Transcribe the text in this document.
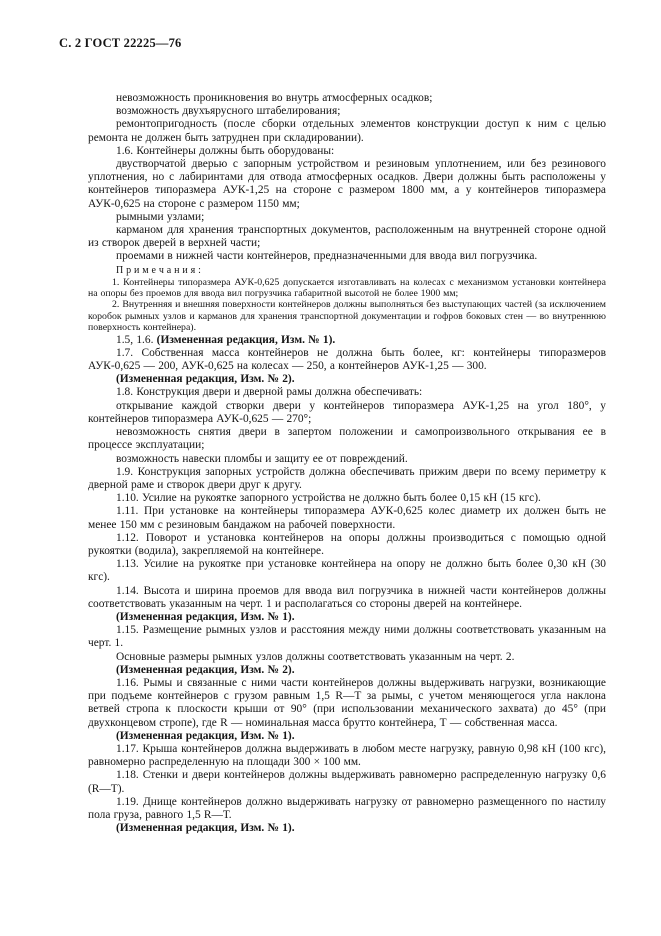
С. 2 ГОСТ 22225—76

невозможность проникновения во внутрь атмосферных осадков;

возможность двухъярусного штабелирования;

ремонтопригодность (после сборки отдельных элементов конструкции доступ к ним с целью ремонта не должен быть затруднен при складировании).

1.6. Контейнеры должны быть оборудованы:

двустворчатой дверью с запорным устройством и резиновым уплотнением, или без резинового уплотнения, но с лабиринтами для отвода атмосферных осадков. Двери должны быть расположены у контейнеров типоразмера АУК-1,25 на стороне с размером 1800 мм, а у контейнеров типоразмера АУК-0,625 на стороне с размером 1150 мм;

рымными узлами;

карманом для хранения транспортных документов, расположенным на внутренней стороне одной из створок дверей в верхней части;

проемами в нижней части контейнеров, предназначенными для ввода вил погрузчика.

П р и м е ч а н и я :

1. Контейнеры типоразмера АУК-0,625 допускается изготавливать на колесах с механизмом установки контейнера на опоры без проемов для ввода вил погрузчика габаритной высотой не более 1900 мм;

2. Внутренняя и внешняя поверхности контейнеров должны выполняться без выступающих частей (за исключением коробок рымных узлов и карманов для хранения транспортной документации и гофров боковых стен — во внутреннюю поверхность контейнера).

1.5, 1.6. (Измененная редакция, Изм. № 1).

1.7. Собственная масса контейнеров не должна быть более, кг: контейнеры типоразмеров АУК-0,625 — 200, АУК-0,625 на колесах — 250, а контейнеров АУК-1,25 — 300.

(Измененная редакция, Изм. № 2).

1.8. Конструкция двери и дверной рамы должна обеспечивать:

открывание каждой створки двери у контейнеров типоразмера АУК-1,25 на угол 180°, у контейнеров типоразмера АУК-0,625 — 270°;

невозможность снятия двери в запертом положении и самопроизвольного открывания ее в процессе эксплуатации;

возможность навески пломбы и защиту ее от повреждений.

1.9. Конструкция запорных устройств должна обеспечивать прижим двери по всему периметру к дверной раме и створок двери друг к другу.

1.10. Усилие на рукоятке запорного устройства не должно быть более 0,15 кН (15 кгс).

1.11. При установке на контейнеры типоразмера АУК-0,625 колес диаметр их должен быть не менее 150 мм с резиновым бандажом на рабочей поверхности.

1.12. Поворот и установка контейнеров на опоры должны производиться с помощью одной рукоятки (водила), закрепляемой на контейнере.

1.13. Усилие на рукоятке при установке контейнера на опору не должно быть более 0,30 кН (30 кгс).

1.14. Высота и ширина проемов для ввода вил погрузчика в нижней части контейнеров должны соответствовать указанным на черт. 1 и располагаться со стороны дверей на контейнере.

(Измененная редакция, Изм. № 1).

1.15. Размещение рымных узлов и расстояния между ними должны соответствовать указанным на черт. 1.

Основные размеры рымных узлов должны соответствовать указанным на черт. 2.

(Измененная редакция, Изм. № 2).

1.16. Рымы и связанные с ними части контейнеров должны выдерживать нагрузки, возникающие при подъеме контейнеров с грузом равным 1,5 R—T за рымы, с учетом меняющегося угла наклона ветвей стропа к плоскости крыши от 90° (при использовании механического захвата) до 45° (при двухконцевом стропе), где R — номинальная масса брутто контейнера, Т — собственная масса.

(Измененная редакция, Изм. № 1).

1.17. Крыша контейнеров должна выдерживать в любом месте нагрузку, равную 0,98 кН (100 кгс), равномерно распределенную на площади 300 × 100 мм.

1.18. Стенки и двери контейнеров должны выдерживать равномерно распределенную нагрузку 0,6 (R—Т).

1.19. Днище контейнеров должно выдерживать нагрузку от равномерно размещенного по настилу пола груза, равного 1,5 R—Т.

(Измененная редакция, Изм. № 1).
